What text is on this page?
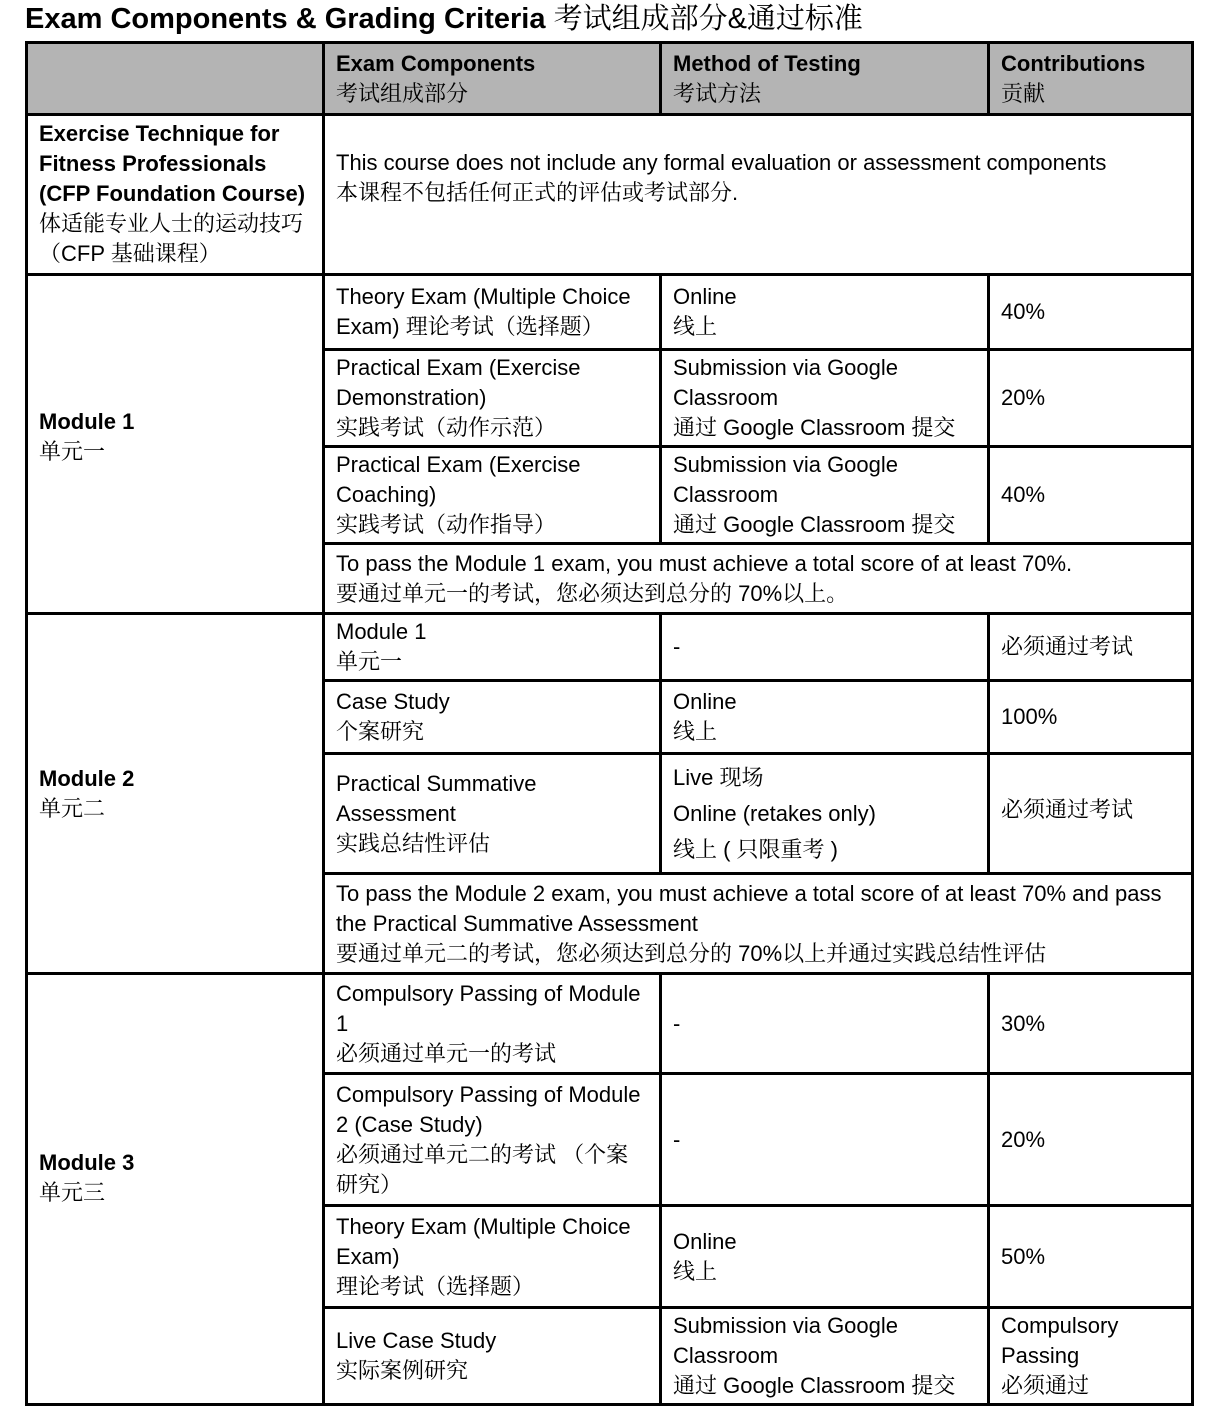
Exam Components & Grading Criteria 考试组成部分&通过标准

	Exam Components
考试组成部分	Method of Testing
考试方法	Contributions
贡献

Exercise Technique for Fitness Professionals (CFP Foundation Course)
体适能专业人士的运动技巧（CFP 基础课程）	This course does not include any formal evaluation or assessment components
本课程不包括任何正式的评估或考试部分.		

Module 1
单元一	Theory Exam (Multiple Choice Exam) 理论考试（选择题）	Online
线上	40%

	Practical Exam (Exercise Demonstration)
实践考试（动作示范）	Submission via Google Classroom
通过 Google Classroom 提交	20%

	Practical Exam (Exercise Coaching)
实践考试（动作指导）	Submission via Google Classroom
通过 Google Classroom 提交	40%

	To pass the Module 1 exam, you must achieve a total score of at least 70%.
要通过单元一的考试，您必须达到总分的 70%以上。		

Module 2
单元二	Module 1
单元一	-	必须通过考试

	Case Study
个案研究	Online
线上	100%

	Practical Summative Assessment
实践总结性评估	Live 现场
Online (retakes only)
线上 ( 只限重考 )	必须通过考试

	To pass the Module 2 exam, you must achieve a total score of at least 70% and pass the Practical Summative Assessment
要通过单元二的考试，您必须达到总分的 70%以上并通过实践总结性评估		

Module 3
单元三	Compulsory Passing of Module 1
必须通过单元一的考试	-	30%

	Compulsory Passing of Module 2 (Case Study)
必须通过单元二的考试 （个案研究）	-	20%

	Theory Exam (Multiple Choice Exam)
理论考试（选择题）	Online
线上	50%

	Live Case Study
实际案例研究	Submission via Google Classroom
通过 Google Classroom 提交	Compulsory Passing
必须通过
